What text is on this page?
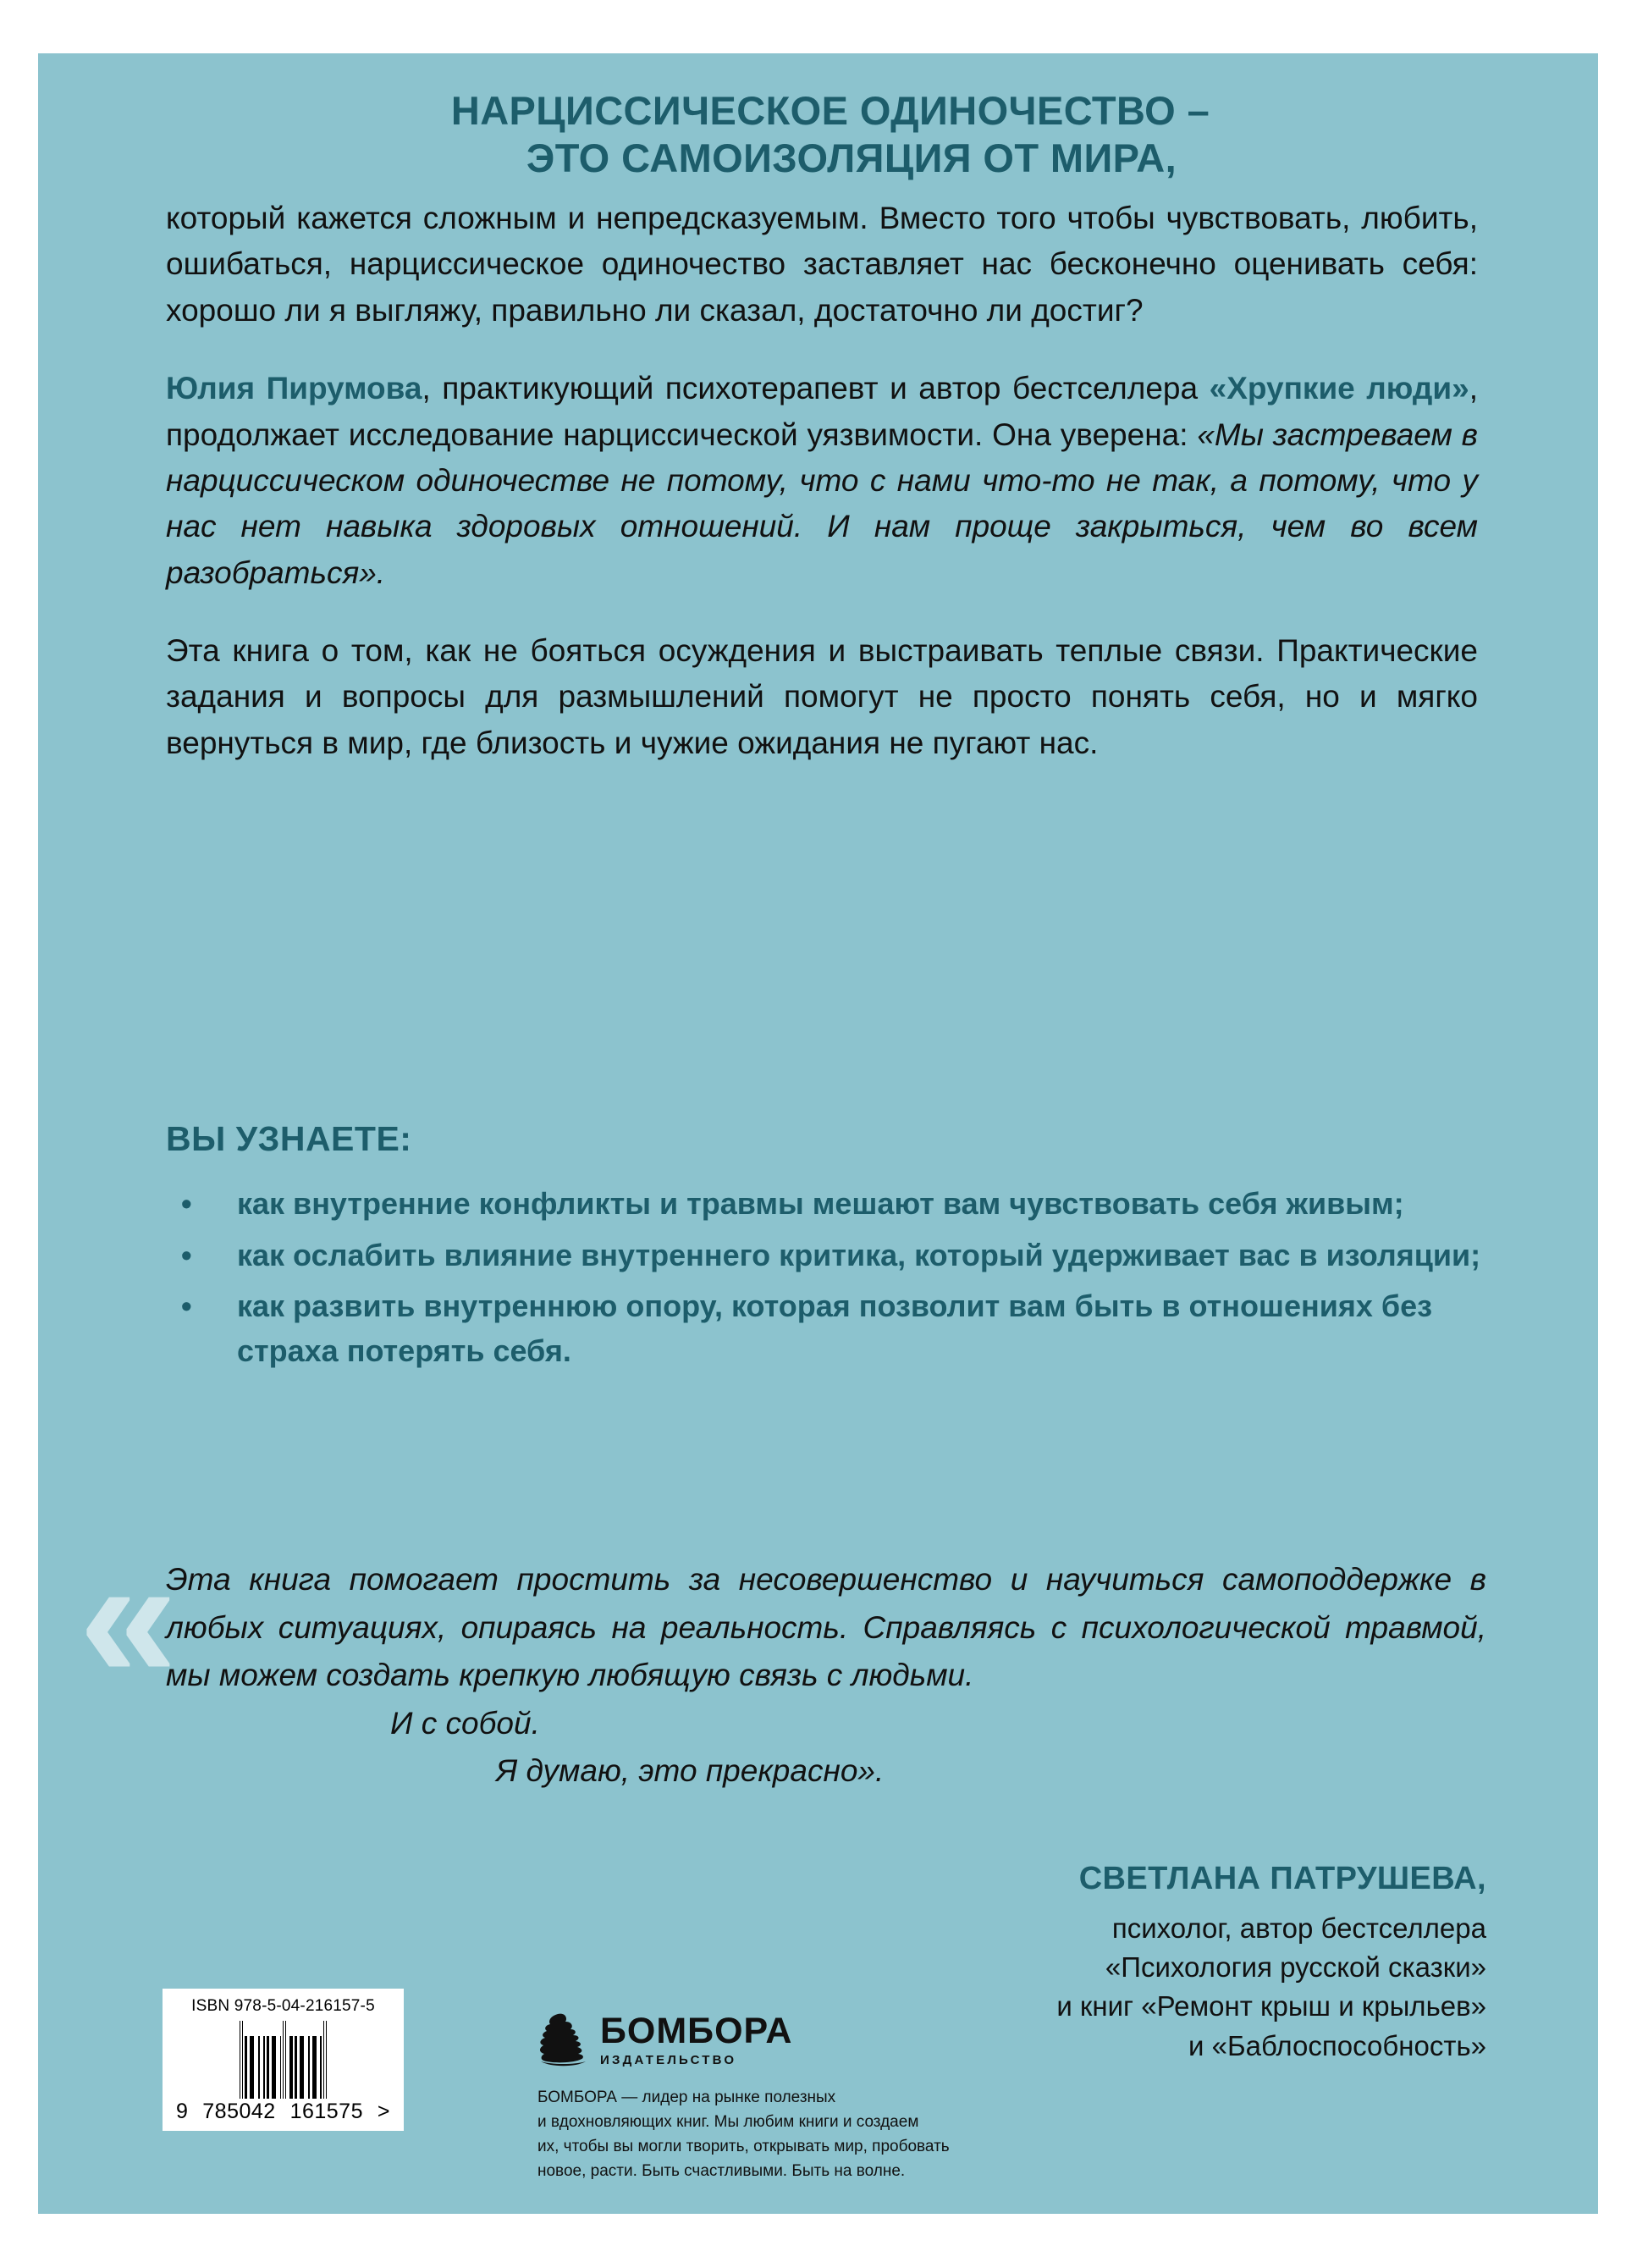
НАРЦИССИЧЕСКОЕ ОДИНОЧЕСТВО –
ЭТО САМОИЗОЛЯЦИЯ ОТ МИРА,

который кажется сложным и непредсказуемым. Вместо того чтобы чувствовать, любить, ошибаться, нарциссическое одиночество заставляет нас бесконечно оценивать себя: хорошо ли я выгляжу, правильно ли сказал, достаточно ли достиг?

Юлия Пирумова, практикующий психотерапевт и автор бестселлера «Хрупкие люди», продолжает исследование нарциссической уязвимости. Она уверена: «Мы застреваем в нарциссическом одиночестве не потому, что с нами что-то не так, а потому, что у нас нет навыка здоровых отношений. И нам проще закрыться, чем во всем разобраться».

Эта книга о том, как не бояться осуждения и выстраивать теплые связи. Практические задания и вопросы для размышлений помогут не просто понять себя, но и мягко вернуться в мир, где близость и чужие ожидания не пугают нас.

ВЫ УЗНАЕТЕ:
• как внутренние конфликты и травмы мешают вам чувствовать себя живым;
• как ослабить влияние внутреннего критика, который удерживает вас в изоляции;
• как развить внутреннюю опору, которая позволит вам быть в отношениях без страха потерять себя.
«

Эта книга помогает простить за несовершенство и научиться самоподдержке в любых ситуациях, опираясь на реальность. Справляясь с психологической травмой, мы можем создать крепкую любящую связь с людьми.

И с собой.
Я думаю, это прекрасно».

СВЕТЛАНА ПАТРУШЕВА,
психолог, автор бестселлера
«Психология русской сказки»
и книг «Ремонт крыш и крыльев»
и «Баблоспособность»
ISBN 978-5-04-216157-5
9 785042 161575 >
БОМБОРА
ИЗДАТЕЛЬСТВО
БОМБОРА — лидер на рынке полезных
и вдохновляющих книг. Мы любим книги и создаем
их, чтобы вы могли творить, открывать мир, пробовать
новое, расти. Быть счастливыми. Быть на волне.
